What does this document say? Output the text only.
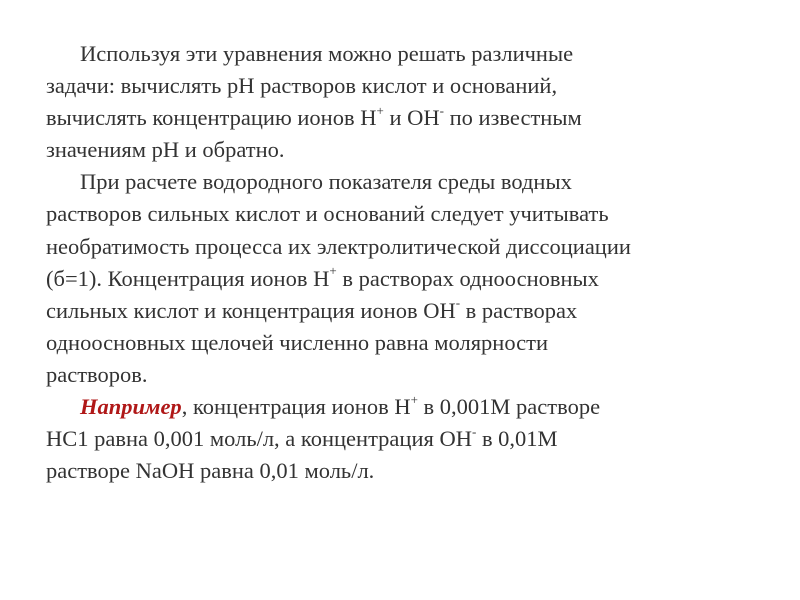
Используя эти уравнения можно решать различные
задачи: вычислять pH растворов кислот и оснований,
вычислять концентрацию ионов H+ и OH- по известным
значениям pH и обратно.

При расчете водородного показателя среды водных
растворов сильных кислот и оснований следует учитывать
необратимость процесса их электролитической диссоциации
(б=1). Концентрация ионов H+ в растворах одноосновных
сильных кислот и концентрация ионов OH- в растворах
одноосновных щелочей численно равна молярности
растворов.

Например, концентрация ионов H+ в 0,001M растворе
HC1 равна 0,001 моль/л, а концентрация OH- в 0,01M
растворе NaOH равна 0,01 моль/л.
